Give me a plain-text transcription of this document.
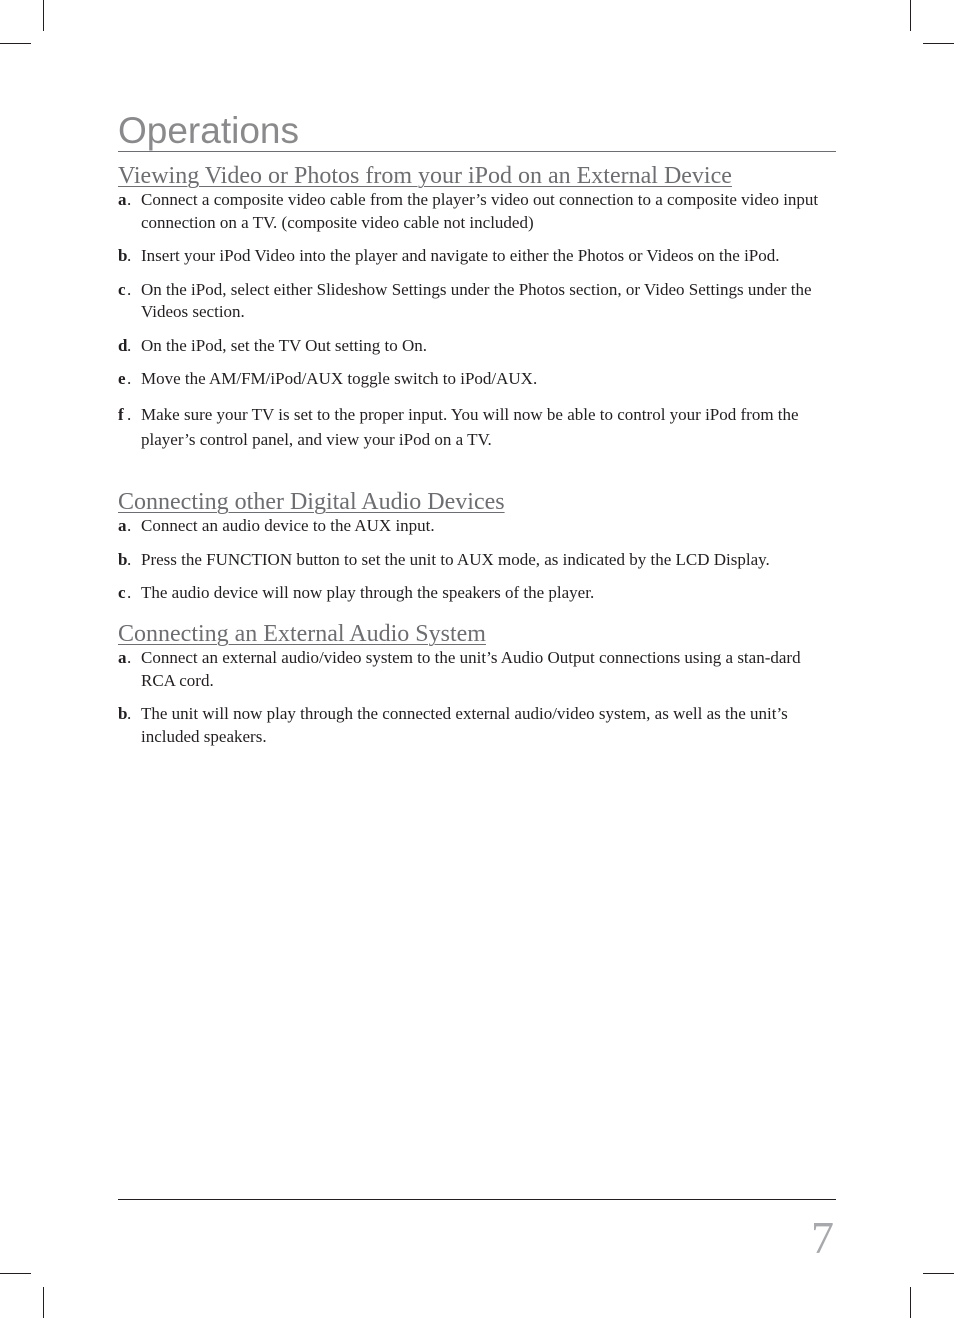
Operations
Viewing Video or Photos from your iPod on an External Device
a . Connect a composite video cable from the player’s video out connection to a composite video input connection on a TV. (composite video cable not included)
b . Insert your iPod Video into the player and navigate to either the Photos or Videos on the iPod.
c . On the iPod, select either Slideshow Settings under the Photos section, or Video Settings under the Videos section.
d . On the iPod, set the TV Out setting to On.
e . Move the AM/FM/iPod/AUX toggle switch to iPod/AUX.
f . Make sure your TV is set to the proper input. You will now be able to control your iPod from the player’s control panel, and view your iPod on a TV.
Connecting other Digital Audio Devices
a . Connect an audio device to the AUX input.
b . Press the FUNCTION button to set the unit to AUX mode, as indicated by the LCD Display.
c . The audio device will now play through the speakers of the player.
Connecting an External Audio System
a . Connect an external audio/video system to the unit’s Audio Output connections using a stan-dard RCA cord.
b . The unit will now play through the connected external audio/video system, as well as the unit’s included speakers.
7
